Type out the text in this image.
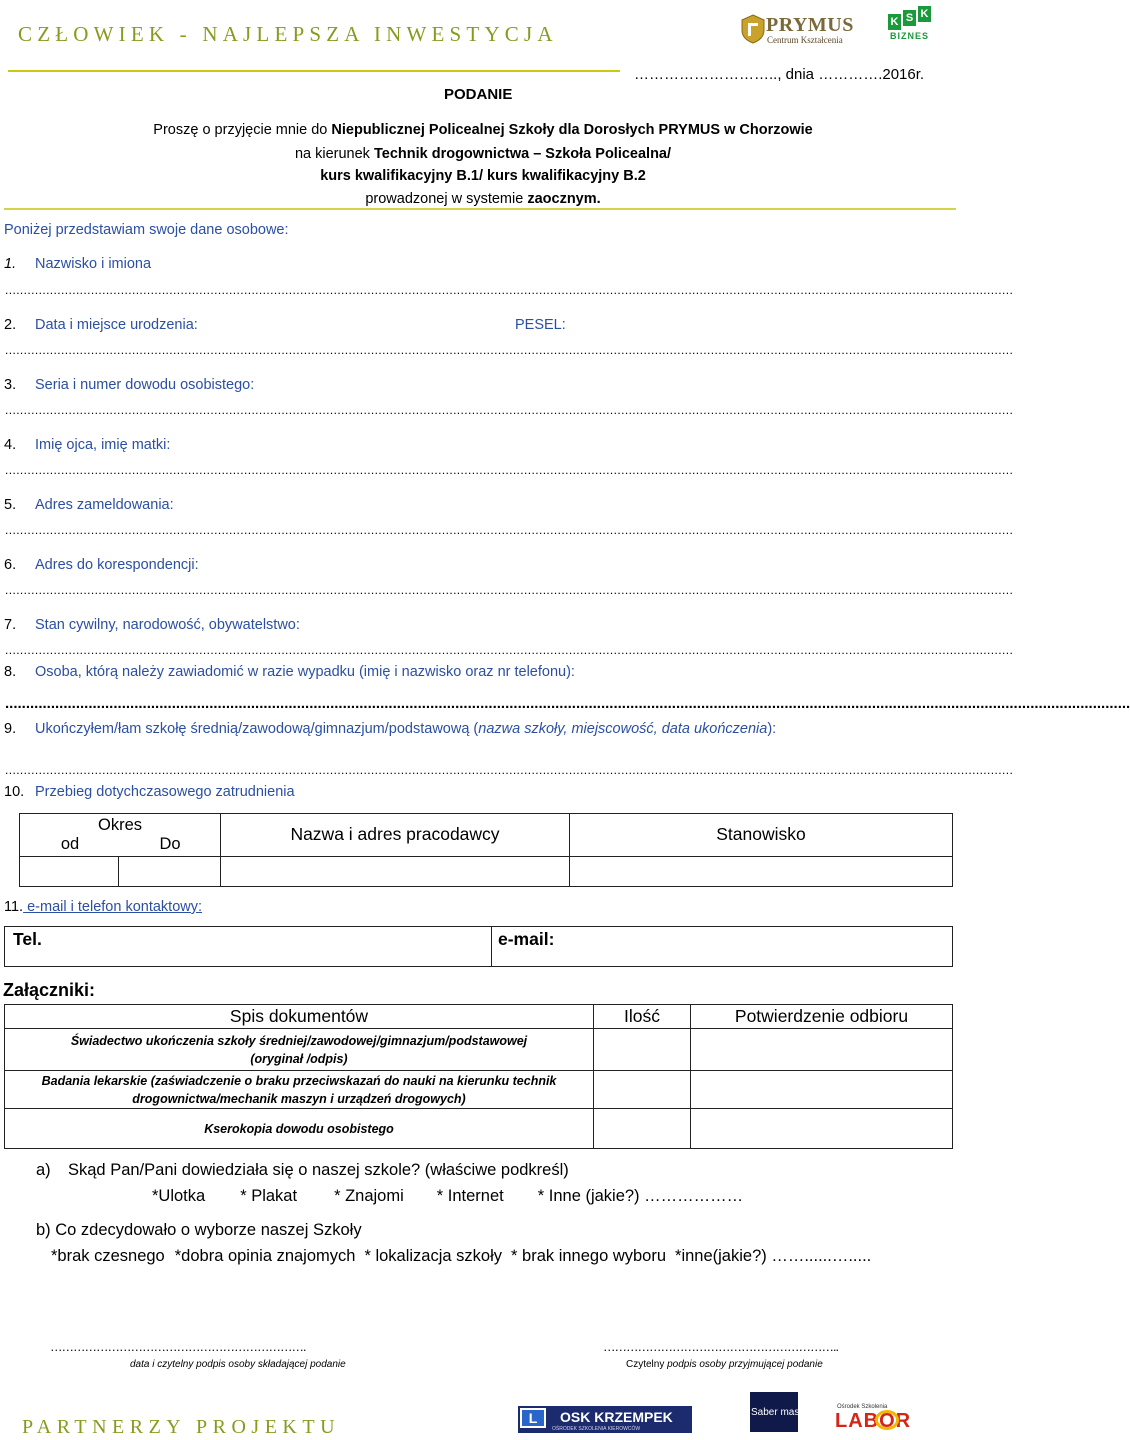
CZŁOWIEK - NAJLEPSZA INWESTYCJA	PRYMUS
Centrum Kształcenia
K S K
BIZNES
……………………….., dnia ………….2016r.
PODANIE
Proszę o przyjęcie mnie do Niepublicznej Policealnej Szkoły dla Dorosłych PRYMUS w Chorzowie
na kierunek Technik drogownictwa – Szkoła Policealna/
kurs kwalifikacyjny B.1/ kurs kwalifikacyjny B.2
prowadzonej w systemie zaocznym.
Poniżej przedstawiam swoje dane osobowe:
1. Nazwisko i imiona
..............................................................................................................................................................................................................................................................................
2. Data i miejsce urodzenia:	PESEL:
..............................................................................................................................................................................................................................................................................
3. Seria i numer dowodu osobistego:
..............................................................................................................................................................................................................................................................................
4. Imię ojca, imię matki:
..............................................................................................................................................................................................................................................................................
5. Adres zameldowania:
..............................................................................................................................................................................................................................................................................
6. Adres do korespondencji:
..............................................................................................................................................................................................................................................................................
7. Stan cywilny, narodowość, obywatelstwo:
..............................................................................................................................................................................................................................................................................
8. Osoba, którą należy zawiadomić w razie wypadku (imię i nazwisko oraz nr telefonu):
..............................................................................................................................................................................................................................................................................
9. Ukończyłem/łam szkołę średnią/zawodową/gimnazjum/podstawową (nazwa szkoły, miejscowość, data ukończenia):
..............................................................................................................................................................................................................................................................................
10. Przebieg dotychczasowego zatrudnienia
Okres
od Do		Nazwa i adres pracodawcy	Stanowisko

11. e-mail i telefon kontaktowy:
Tel.	e-mail:
Załączniki:
Spis dokumentów	Ilość	Potwierdzenie odbioru

Świadectwo ukończenia szkoły średniej/zawodowej/gimnazjum/podstawowej
(oryginał /odpis)		

Badania lekarskie (zaświadczenie o braku przeciwskazań do nauki na kierunku technik
drogownictwa/mechanik maszyn i urządzeń drogowych)		

Kserokopia dowodu osobistego		

a) Skąd Pan/Pani dowiedziała się o naszej szkole? (właściwe podkreśl)
*Ulotka * Plakat * Znajomi * Internet * Inne (jakie?) ………………
b) Co zdecydowało o wyborze naszej Szkoły
*brak czesnego *dobra opinia znajomych * lokalizacja szkoły * brak innego wyboru *inne(jakie?) ……......….....
………………………………………………………….
data i czytelny podpis osoby składającej podanie
……………………………………………………..
Czytelny podpis osoby przyjmującej podanie
PARTNERZY PROJEKTU	L	OSK KRZEMPEK
OŚRODEK SZKOLENIA KIEROWCÓW
Saber mas	Ośrodek Szkolenia
LABOR
